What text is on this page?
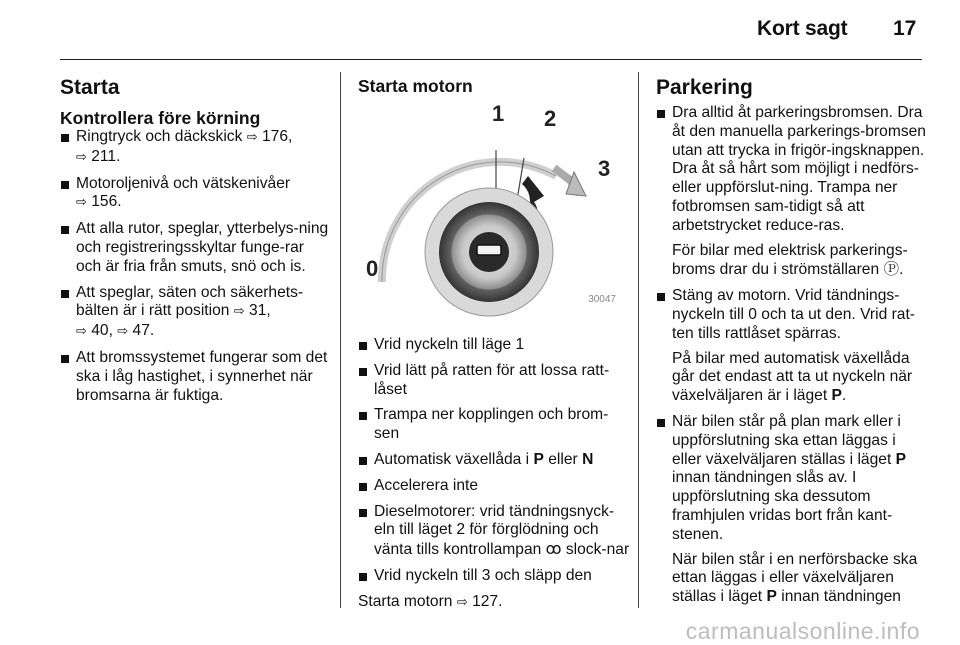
Kort sagt 17
Starta
Kontrollera före körning
Ringtryck och däckskick ⇨ 176,
⇨ 211.
Motoroljenivå och vätskenivåer
⇨ 156.
Att alla rutor, speglar, ytterbelys-ning och registreringsskyltar funge-rar och är fria från smuts, snö och is.
Att speglar, säten och säkerhets-bälten är i rätt position ⇨ 31,
⇨ 40, ⇨ 47.
Att bromssystemet fungerar som det ska i låg hastighet, i synnerhet när bromsarna är fuktiga.
Starta motorn
1 2
3
0
30047
Vrid nyckeln till läge 1
Vrid lätt på ratten för att lossa ratt-låset
Trampa ner kopplingen och brom-sen
Automatisk växellåda i P eller N
Accelerera inte
Dieselmotorer: vrid tändningsnyck-eln till läget 2 för förglödning och vänta tills kontrollampan ꝏ slock-nar
Vrid nyckeln till 3 och släpp den

Starta motorn ⇨ 127.

Parkering
Dra alltid åt parkeringsbromsen. Dra åt den manuella parkerings-bromsen utan att trycka in frigör-ingsknappen. Dra åt så hårt som möjligt i nedförs- eller uppförslut-ning. Trampa ner fotbromsen sam-tidigt så att arbetstrycket reduce-ras.

För bilar med elektrisk parkerings-broms drar du i strömställaren Ⓟ.

Stäng av motorn. Vrid tändnings-nyckeln till 0 och ta ut den. Vrid rat-ten tills rattlåset spärras.

På bilar med automatisk växellåda går det endast att ta ut nyckeln när växelväljaren är i läget P.

När bilen står på plan mark eller i uppförslutning ska ettan läggas i eller växelväljaren ställas i läget P innan tändningen slås av. I uppförslutning ska dessutom framhjulen vridas bort från kant-stenen.

När bilen står i en nerförsbacke ska ettan läggas i eller växelväljaren ställas i läget P innan tändningen

carmanualsonline.info
